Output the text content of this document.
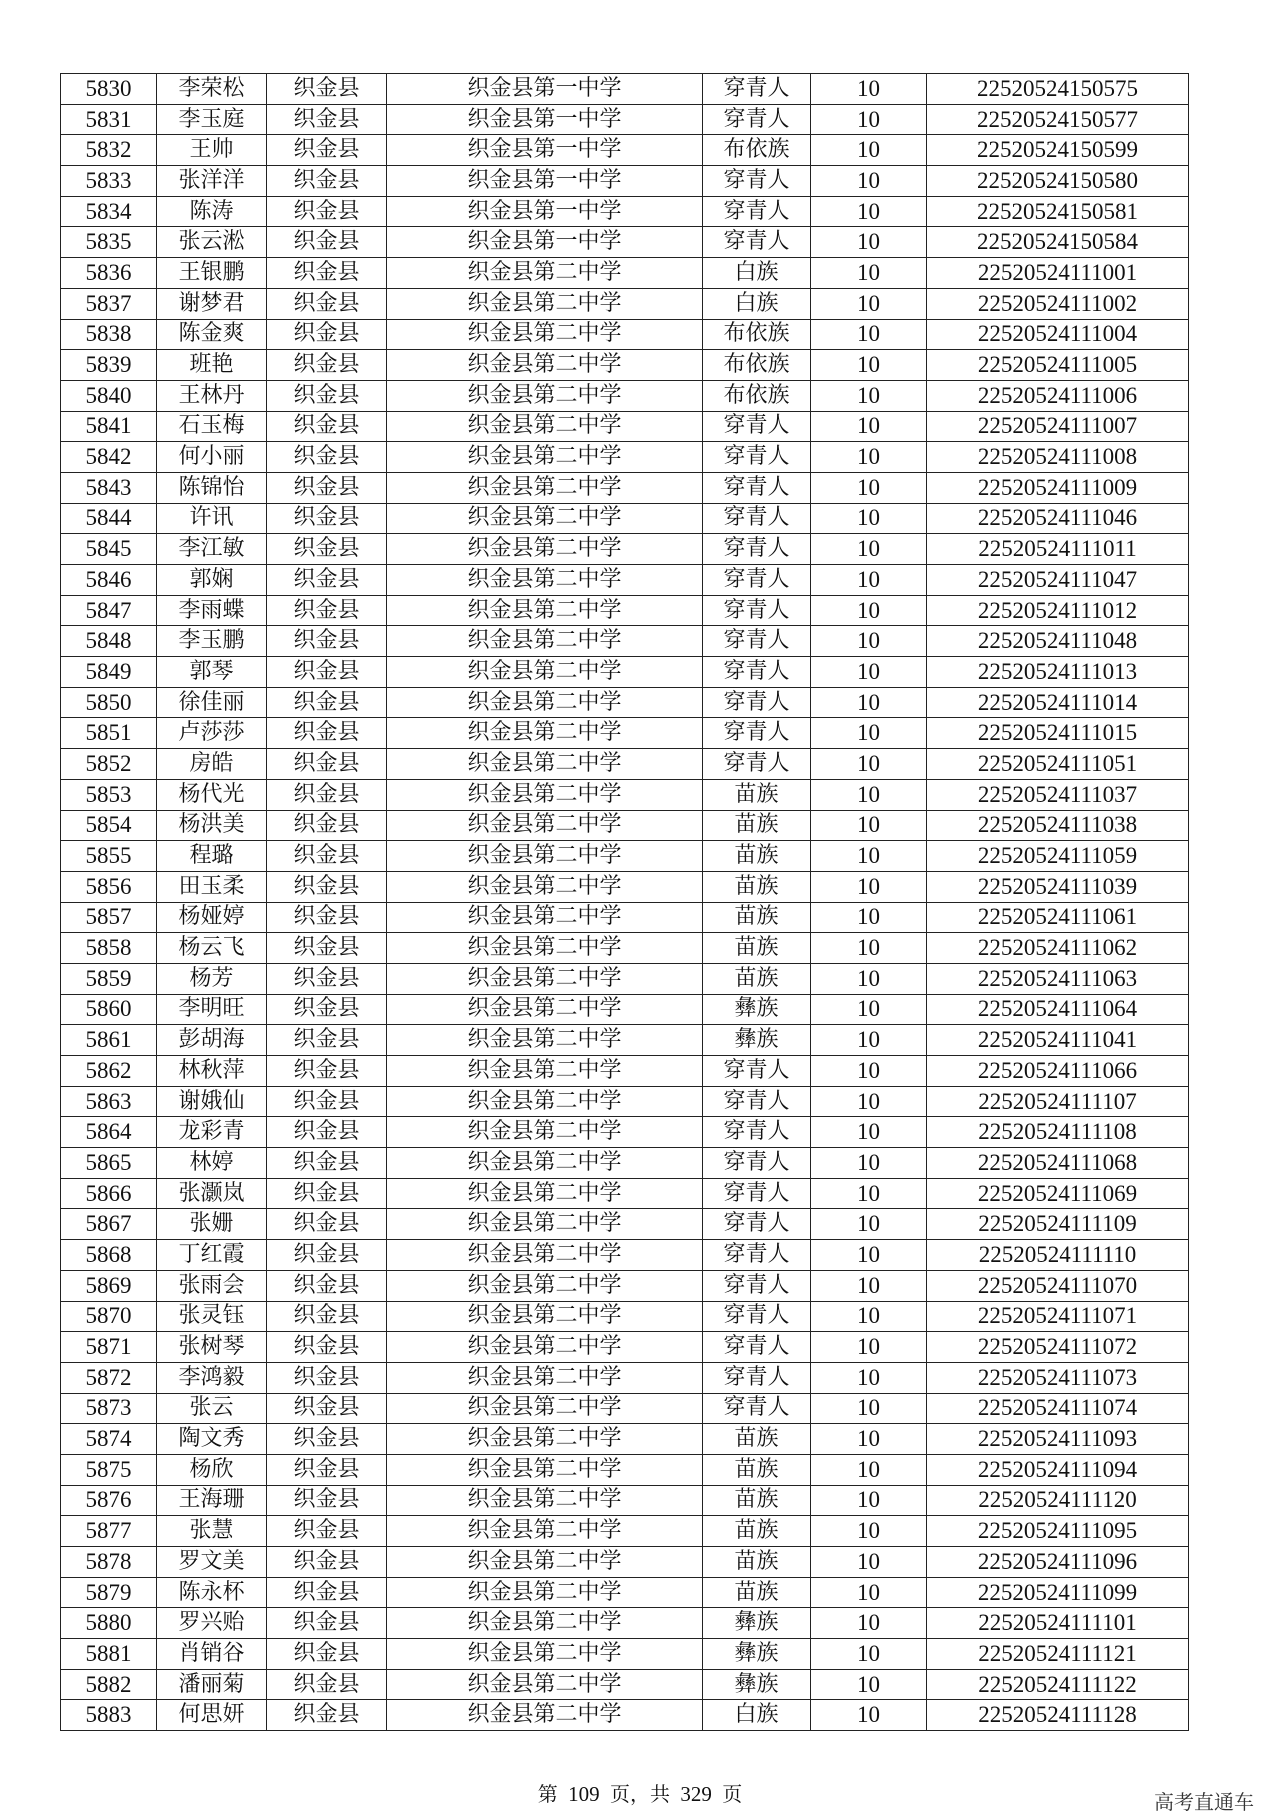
5830	李荣松	织金县	织金县第一中学	穿青人	10	22520524150575
5831	李玉庭	织金县	织金县第一中学	穿青人	10	22520524150577
5832	王帅	织金县	织金县第一中学	布依族	10	22520524150599
5833	张洋洋	织金县	织金县第一中学	穿青人	10	22520524150580
5834	陈涛	织金县	织金县第一中学	穿青人	10	22520524150581
5835	张云淞	织金县	织金县第一中学	穿青人	10	22520524150584
5836	王银鹏	织金县	织金县第二中学	白族	10	22520524111001
5837	谢梦君	织金县	织金县第二中学	白族	10	22520524111002
5838	陈金爽	织金县	织金县第二中学	布依族	10	22520524111004
5839	班艳	织金县	织金县第二中学	布依族	10	22520524111005
5840	王林丹	织金县	织金县第二中学	布依族	10	22520524111006
5841	石玉梅	织金县	织金县第二中学	穿青人	10	22520524111007
5842	何小丽	织金县	织金县第二中学	穿青人	10	22520524111008
5843	陈锦怡	织金县	织金县第二中学	穿青人	10	22520524111009
5844	许讯	织金县	织金县第二中学	穿青人	10	22520524111046
5845	李江敏	织金县	织金县第二中学	穿青人	10	22520524111011
5846	郭娴	织金县	织金县第二中学	穿青人	10	22520524111047
5847	李雨蝶	织金县	织金县第二中学	穿青人	10	22520524111012
5848	李玉鹏	织金县	织金县第二中学	穿青人	10	22520524111048
5849	郭琴	织金县	织金县第二中学	穿青人	10	22520524111013
5850	徐佳丽	织金县	织金县第二中学	穿青人	10	22520524111014
5851	卢莎莎	织金县	织金县第二中学	穿青人	10	22520524111015
5852	房皓	织金县	织金县第二中学	穿青人	10	22520524111051
5853	杨代光	织金县	织金县第二中学	苗族	10	22520524111037
5854	杨洪美	织金县	织金县第二中学	苗族	10	22520524111038
5855	程璐	织金县	织金县第二中学	苗族	10	22520524111059
5856	田玉柔	织金县	织金县第二中学	苗族	10	22520524111039
5857	杨娅婷	织金县	织金县第二中学	苗族	10	22520524111061
5858	杨云飞	织金县	织金县第二中学	苗族	10	22520524111062
5859	杨芳	织金县	织金县第二中学	苗族	10	22520524111063
5860	李明旺	织金县	织金县第二中学	彝族	10	22520524111064
5861	彭胡海	织金县	织金县第二中学	彝族	10	22520524111041
5862	林秋萍	织金县	织金县第二中学	穿青人	10	22520524111066
5863	谢娥仙	织金县	织金县第二中学	穿青人	10	22520524111107
5864	龙彩青	织金县	织金县第二中学	穿青人	10	22520524111108
5865	林婷	织金县	织金县第二中学	穿青人	10	22520524111068
5866	张灏岚	织金县	织金县第二中学	穿青人	10	22520524111069
5867	张姗	织金县	织金县第二中学	穿青人	10	22520524111109
5868	丁红霞	织金县	织金县第二中学	穿青人	10	22520524111110
5869	张雨会	织金县	织金县第二中学	穿青人	10	22520524111070
5870	张灵钰	织金县	织金县第二中学	穿青人	10	22520524111071
5871	张树琴	织金县	织金县第二中学	穿青人	10	22520524111072
5872	李鸿毅	织金县	织金县第二中学	穿青人	10	22520524111073
5873	张云	织金县	织金县第二中学	穿青人	10	22520524111074
5874	陶文秀	织金县	织金县第二中学	苗族	10	22520524111093
5875	杨欣	织金县	织金县第二中学	苗族	10	22520524111094
5876	王海珊	织金县	织金县第二中学	苗族	10	22520524111120
5877	张慧	织金县	织金县第二中学	苗族	10	22520524111095
5878	罗文美	织金县	织金县第二中学	苗族	10	22520524111096
5879	陈永杯	织金县	织金县第二中学	苗族	10	22520524111099
5880	罗兴贻	织金县	织金县第二中学	彝族	10	22520524111101
5881	肖销谷	织金县	织金县第二中学	彝族	10	22520524111121
5882	潘丽菊	织金县	织金县第二中学	彝族	10	22520524111122
5883	何思妍	织金县	织金县第二中学	白族	10	22520524111128
第 109 页，共 329 页	高考直通车
